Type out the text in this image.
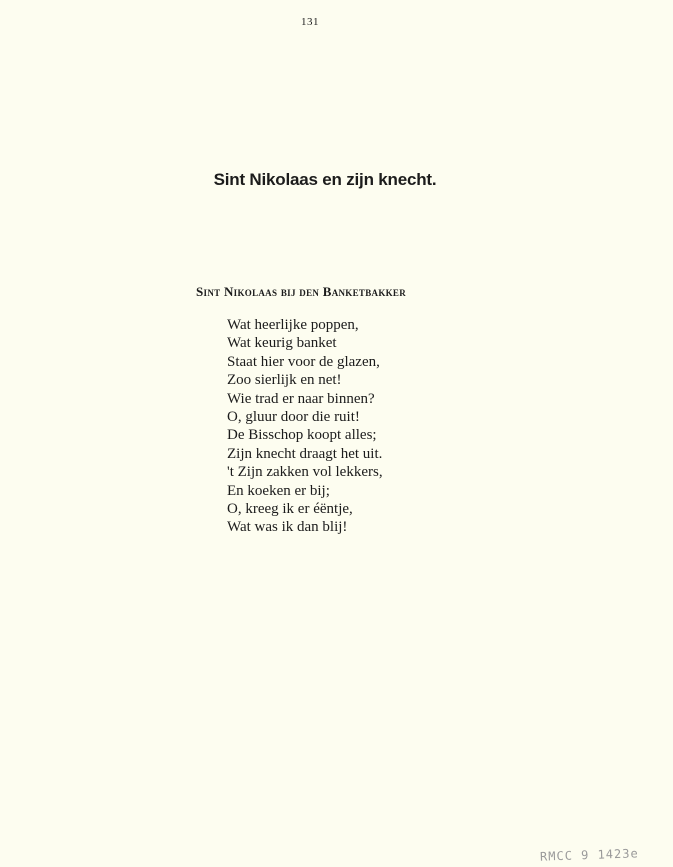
131
Sint Nikolaas en zijn knecht.
Sint Nikolaas bij den Banketbakker
Wat heerlijke poppen,
Wat keurig banket
Staat hier voor de glazen,
Zoo sierlijk en net!
Wie trad er naar binnen?
O, gluur door die ruit!
De Bisschop koopt alles;
Zijn knecht draagt het uit.
't Zijn zakken vol lekkers,
En koeken er bij;
O, kreeg ik er éëntje,
Wat was ik dan blij!
RMCC 9 1423e
